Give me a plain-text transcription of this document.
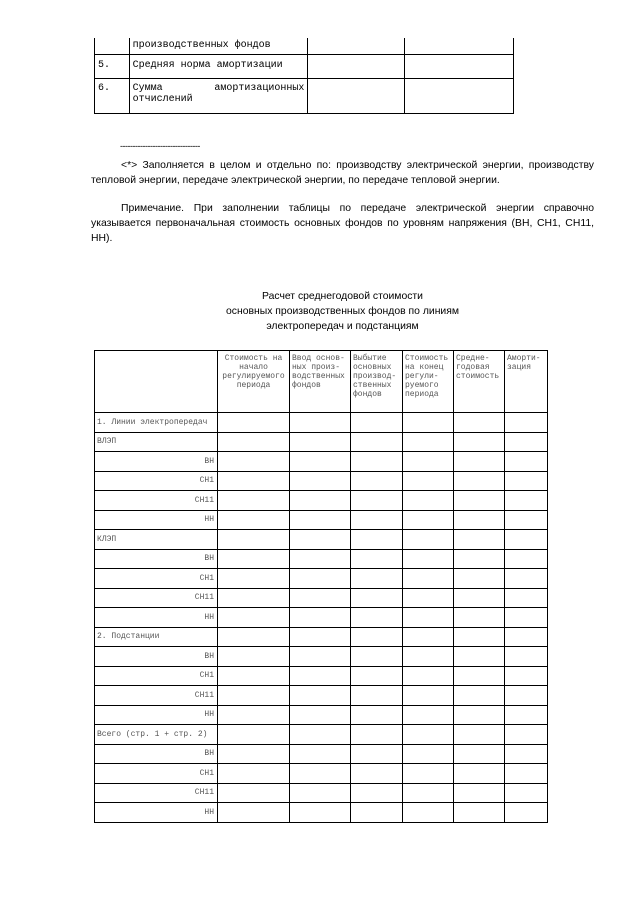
	производственных фондов		
5.	Средняя норма амортизации		
6.	Сумма амортизационных
отчислений		

--------------------------------
<*> Заполняется в целом и отдельно по: производству электрической энергии, производству тепловой энергии, передаче электрической энергии, по передаче тепловой энергии.
Примечание. При заполнении таблицы по передаче электрической энергии справочно указывается первоначальная стоимость основных фондов по уровням напряжения (ВН, СН1, СН11, НН).
Расчет среднегодовой стоимости
основных производственных фондов по линиям
электропередач и подстанциям
	Стоимость на начало регулируемого периода	Ввод основ- ных произ- водственных фондов	Выбытие основных производ- ственных фондов	Стоимость на конец регули- руемого периода	Средне- годовая стоимость	Аморти- зация
1. Линии электропередач						
ВЛЭП						
ВН						
СН1						
СН11						
НН						
КЛЭП						
ВН						
СН1						
СН11						
НН						
2. Подстанции						
ВН						
СН1						
СН11						
НН						
Всего (стр. 1 + стр. 2)						
ВН						
СН1						
СН11						
НН						
